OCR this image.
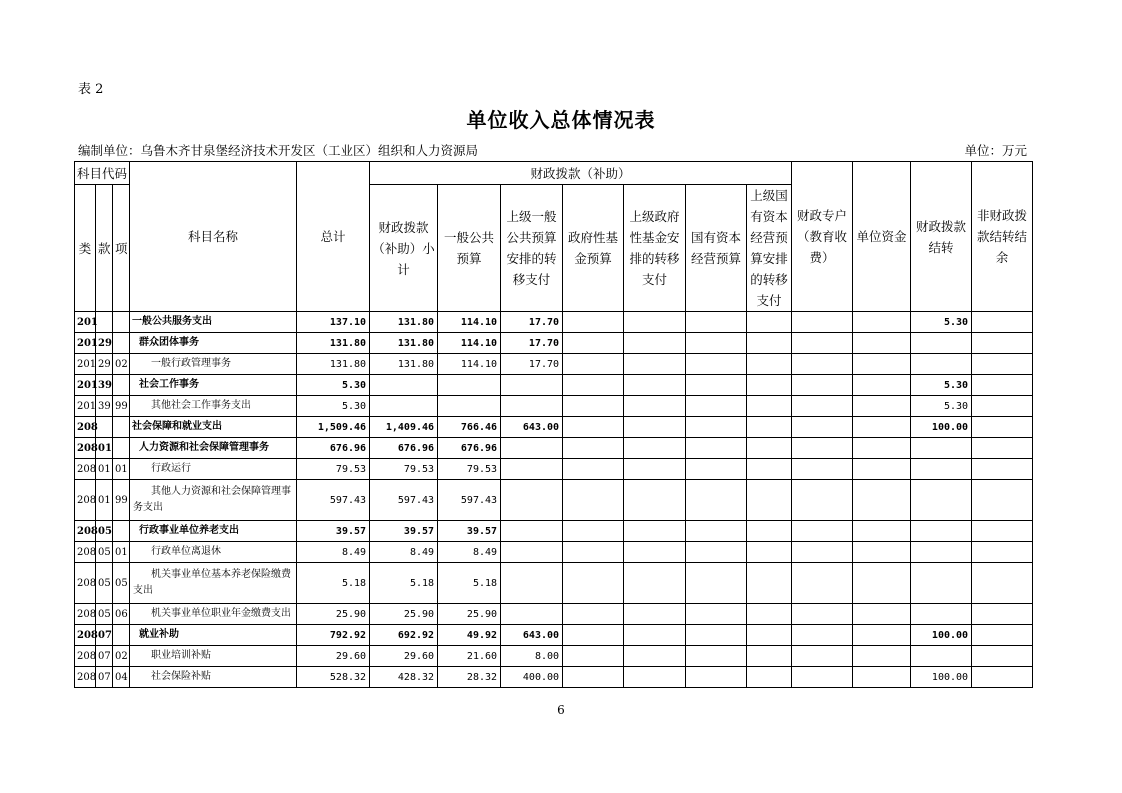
表 2
单位收入总体情况表
编制单位：乌鲁木齐甘泉堡经济技术开发区（工业区）组织和人力资源局	单位：万元
科目代码			科目名称	总计	财政拨款（补助）							财政专户（教育收费）	单位资金	财政拨款结转	非财政拨款结转结余
类	款	项			财政拨款（补助）小计	一般公共预算	上级一般公共预算安排的转移支付	政府性基金预算	上级政府性基金安排的转移支付	国有资本经营预算	上级国有资本经营预算安排的转移支付				
201			一般公共服务支出	137.10	131.80	114.10	17.70							5.30	
201	29		群众团体事务	131.80	131.80	114.10	17.70								
201	29	02	一般行政管理事务	131.80	131.80	114.10	17.70								
201	39		社会工作事务	5.30										5.30	
201	39	99	其他社会工作事务支出	5.30										5.30	
208			社会保障和就业支出	1,509.46	1,409.46	766.46	643.00							100.00	
208	01		人力资源和社会保障管理事务	676.96	676.96	676.96									
208	01	01	行政运行	79.53	79.53	79.53									
208	01	99	其他人力资源和社会保障管理事务支出	597.43	597.43	597.43									
208	05		行政事业单位养老支出	39.57	39.57	39.57									
208	05	01	行政单位离退休	8.49	8.49	8.49									
208	05	05	机关事业单位基本养老保险缴费支出	5.18	5.18	5.18									
208	05	06	机关事业单位职业年金缴费支出	25.90	25.90	25.90									
208	07		就业补助	792.92	692.92	49.92	643.00							100.00	
208	07	02	职业培训补贴	29.60	29.60	21.60	8.00								
208	07	04	社会保险补贴	528.32	428.32	28.32	400.00							100.00	
6
